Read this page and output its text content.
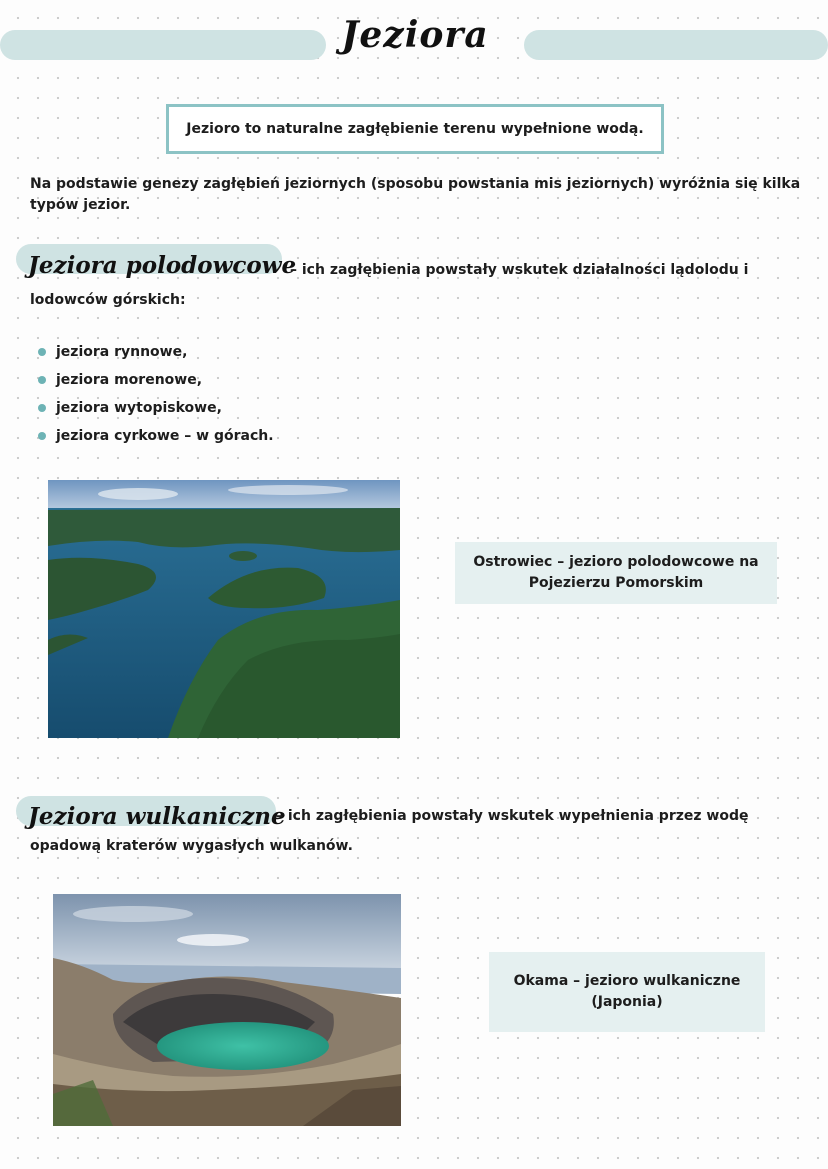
Jeziora
Jezioro to naturalne zagłębienie terenu wypełnione wodą.
Na podstawie genezy zagłębień jeziornych (sposobu powstania mis jeziornych) wyróżnia się kilka
typów jezior.
Jeziora polodowcowe
– ich zagłębienia powstały wskutek działalności lądolodu i
lodowców górskich:
jeziora rynnowe,
jeziora morenowe,
jeziora wytopiskowe,
jeziora cyrkowe – w górach.
Ostrowiec – jezioro polodowcowe na
Pojezierzu Pomorskim
Jeziora wulkaniczne
– ich zagłębienia powstały wskutek wypełnienia przez wodę
opadową kraterów wygasłych wulkanów.
Okama – jezioro wulkaniczne
(Japonia)
